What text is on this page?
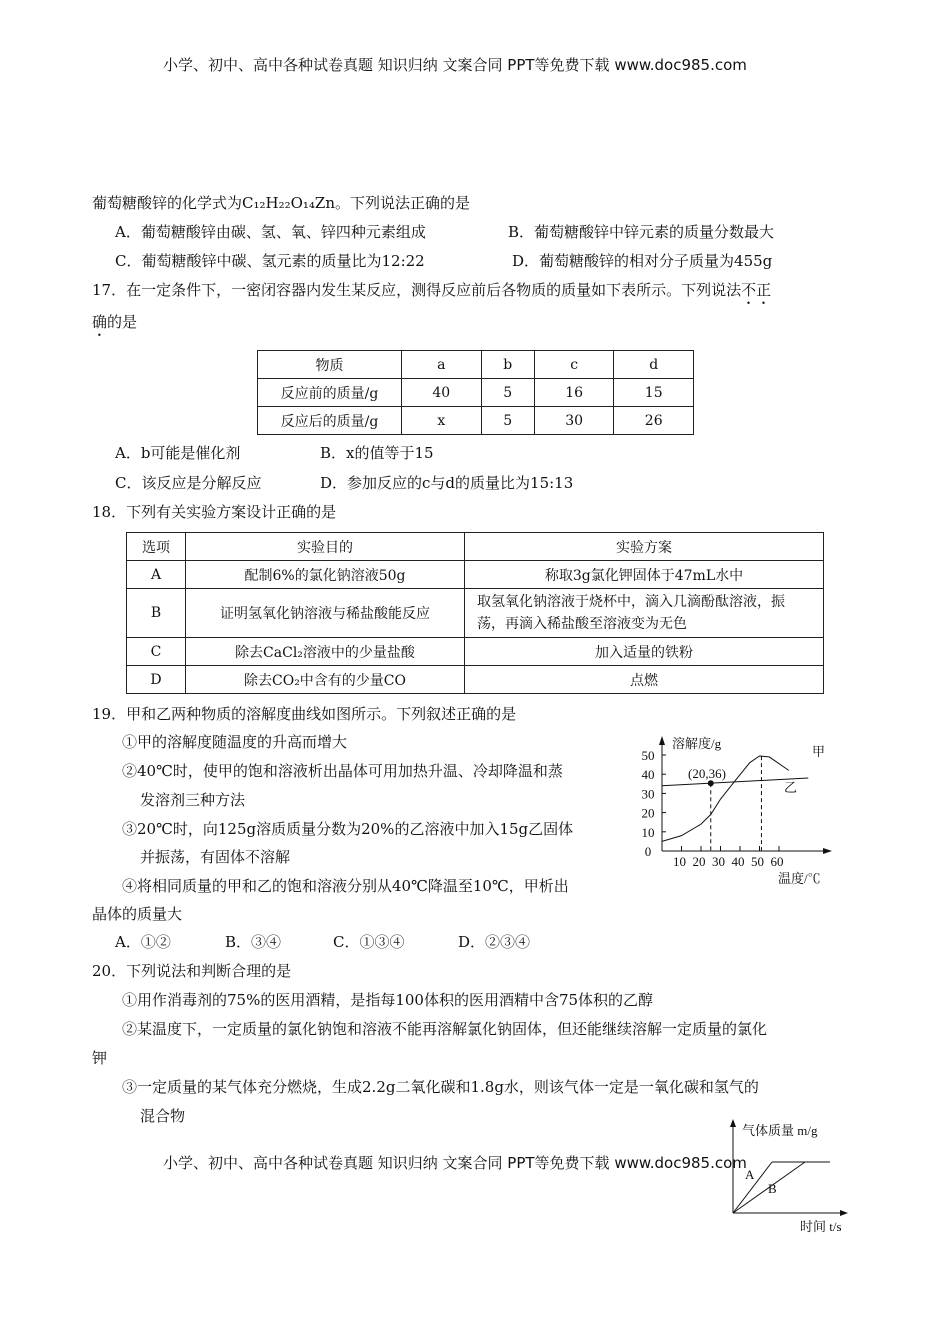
小学、初中、高中各种试卷真题 知识归纳 文案合同 PPT等免费下载 www.doc985.com
葡萄糖酸锌的化学式为C₁₂H₂₂O₁₄Zn。下列说法正确的是
A．葡萄糖酸锌由碳、氢、氧、锌四种元素组成	B．葡萄糖酸锌中锌元素的质量分数最大
C．葡萄糖酸锌中碳、氢元素的质量比为12:22	D．葡萄糖酸锌的相对分子质量为455g
17．在一定条件下，一密闭容器内发生某反应，测得反应前后各物质的质量如下表所示。下列说法不正
确的是
物质	a	b	c	d
反应前的质量/g	40	5	16	15
反应后的质量/g	x	5	30	26
A．b可能是催化剂	B．x的值等于15
C．该反应是分解反应	D．参加反应的c与d的质量比为15:13
18．下列有关实验方案设计正确的是
选项	实验目的	实验方案
A	配制6%的氯化钠溶液50g	称取3g氯化钾固体于47mL水中
B	证明氢氧化钠溶液与稀盐酸能反应	取氢氧化钠溶液于烧杯中，滴入几滴酚酞溶液，振荡，再滴入稀盐酸至溶液变为无色
C	除去CaCl₂溶液中的少量盐酸	加入适量的铁粉
D	除去CO₂中含有的少量CO	点燃
19．甲和乙两种物质的溶解度曲线如图所示。下列叙述正确的是
①甲的溶解度随温度的升高而增大
②40℃时，使甲的饱和溶液析出晶体可用加热升温、冷却降温和蒸
发溶剂三种方法
③20℃时，向125g溶质质量分数为20%的乙溶液中加入15g乙固体
并振荡，有固体不溶解
④将相同质量的甲和乙的饱和溶液分别从40℃降温至10℃，甲析出
晶体的质量大
A．①②	B．③④	C．①③④	D．②③④
溶解度/g
温度/℃
0
10
20
30
40
50
10 20 30 40 50 60
甲
乙
(20,36)
20．下列说法和判断合理的是
①用作消毒剂的75%的医用酒精，是指每100体积的医用酒精中含75体积的乙醇
②某温度下，一定质量的氯化钠饱和溶液不能再溶解氯化钠固体，但还能继续溶解一定质量的氯化
钾
③一定质量的某气体充分燃烧，生成2.2g二氧化碳和1.8g水，则该气体一定是一氧化碳和氢气的
混合物
气体质量 m/g
时间 t/s
A
B
小学、初中、高中各种试卷真题 知识归纳 文案合同 PPT等免费下载 www.doc985.com
